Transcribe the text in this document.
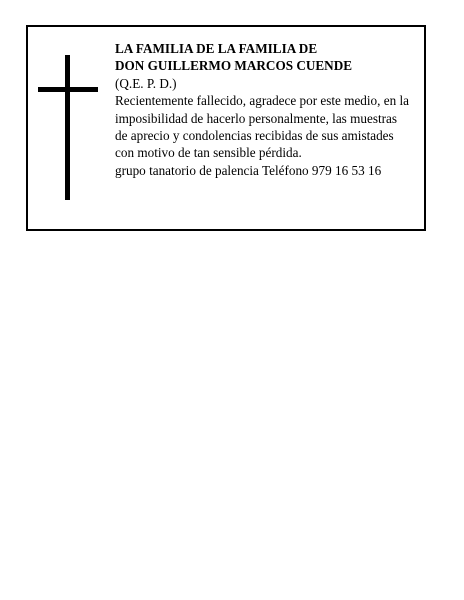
LA FAMILIA DE LA FAMILIA DE
DON GUILLERMO MARCOS CUENDE
(Q.E. P. D.)
Recientemente fallecido, agradece por este medio, en la
imposibilidad de hacerlo personalmente, las muestras
de aprecio y condolencias recibidas de sus amistades
con motivo de tan sensible pérdida.
grupo tanatorio de palencia Teléfono 979 16 53 16
